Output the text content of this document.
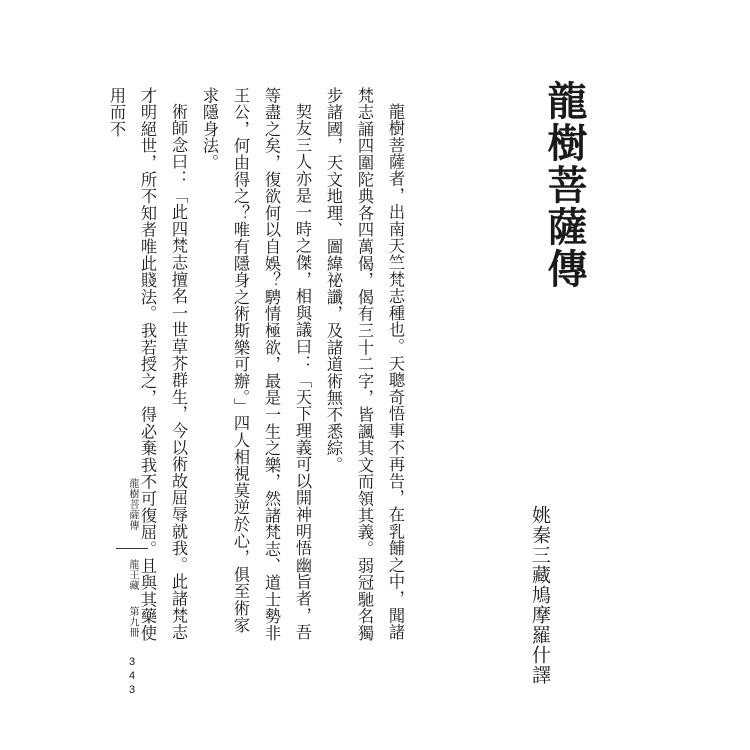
龍樹菩薩傳
姚秦三藏鳩摩羅什譯

龍樹菩薩者，出南天竺梵志種也。天聰奇悟事不再告，在乳餔之中，聞諸梵志誦四圍陀典各四萬偈，偈有三十二字，皆諷其文而領其義。弱冠馳名獨步諸國，天文地理、圖緯祕讖，及諸道術無不悉綜。

契友三人亦是一時之傑，相與議曰：「天下理義可以開神明悟幽旨者，吾等盡之矣，復欲何以自娛？騁情極欲，最是一生之樂，然諸梵志、道士勢非王公，何由得之？唯有隱身之術斯樂可辦。」四人相視莫逆於心，俱至術家求隱身法。

術師念曰：「此四梵志擅名一世草芥群生，今以術故屈辱就我。此諸梵志才明絕世，所不知者唯此賤法。我若授之，得必棄我不可復屈。且與其藥使用而不

龍樹菩薩傳
龍王藏
第九冊
343
